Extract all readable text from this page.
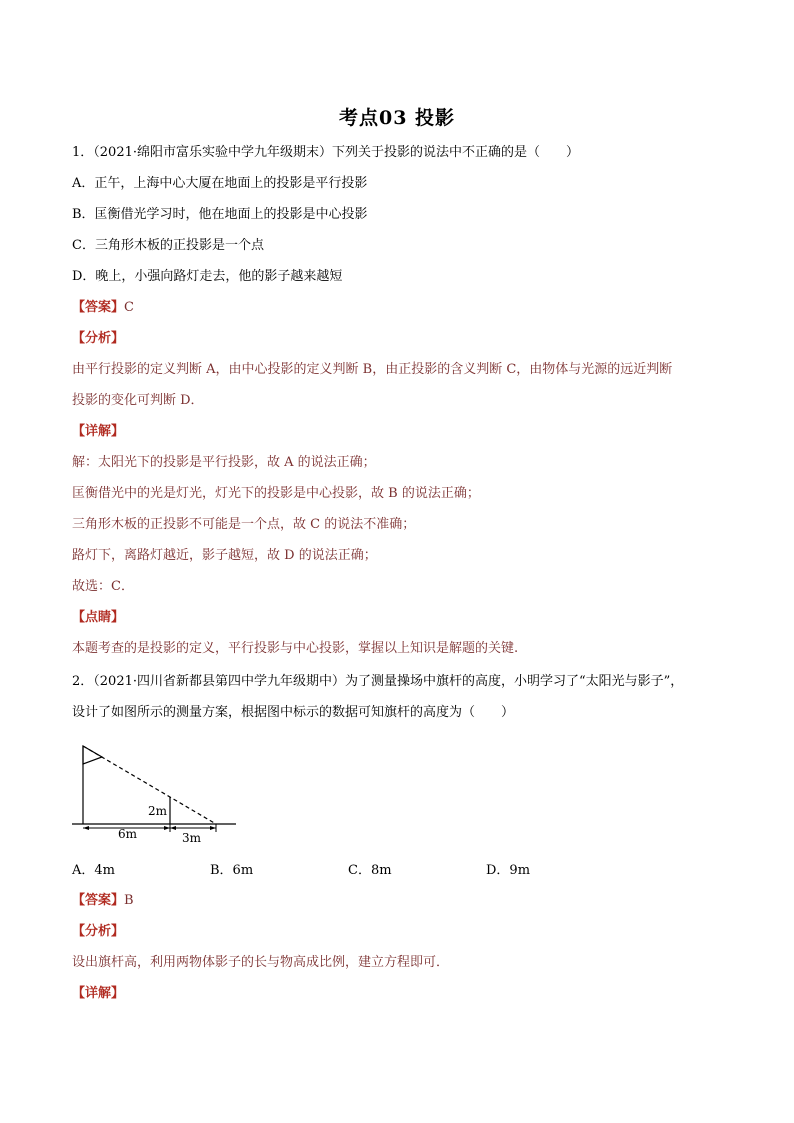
考点03 投影
1．（2021·绵阳市富乐实验中学九年级期末）下列关于投影的说法中不正确的是（　　）
A．正午，上海中心大厦在地面上的投影是平行投影
B．匡衡借光学习时，他在地面上的投影是中心投影
C．三角形木板的正投影是一个点
D．晚上，小强向路灯走去，他的影子越来越短
【答案】C
【分析】
由平行投影的定义判断 A，由中心投影的定义判断 B，由正投影的含义判断 C，由物体与光源的远近判断
投影的变化可判断 D．
【详解】
解：太阳光下的投影是平行投影，故 A 的说法正确；
匡衡借光中的光是灯光，灯光下的投影是中心投影，故 B 的说法正确；
三角形木板的正投影不可能是一个点，故 C 的说法不准确；
路灯下，离路灯越近，影子越短，故 D 的说法正确；
故选：C．
【点睛】
本题考查的是投影的定义，平行投影与中心投影，掌握以上知识是解题的关键.
2．（2021·四川省新都县第四中学九年级期中）为了测量操场中旗杆的高度，小明学习了“太阳光与影子”，
设计了如图所示的测量方案，根据图中标示的数据可知旗杆的高度为（　　）
2m
6m	3m
A．4m	B．6m	C．8m	D．9m
【答案】B
【分析】
设出旗杆高，利用两物体影子的长与物高成比例，建立方程即可．
【详解】
